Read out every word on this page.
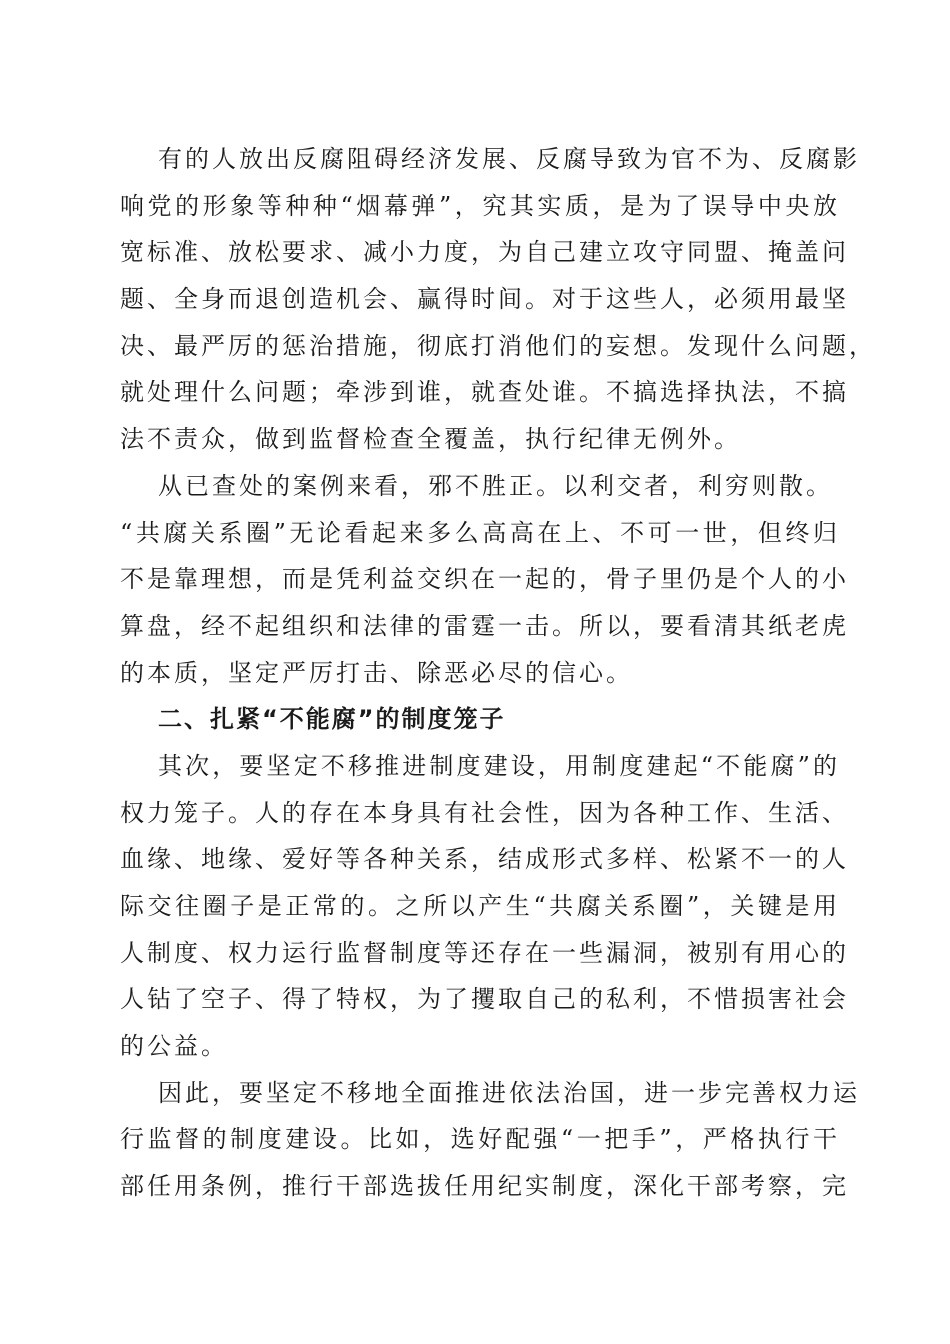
有的人放出反腐阻碍经济发展、反腐导致为官不为、反腐影
响党的形象等种种“烟幕弹”，究其实质，是为了误导中央放
宽标准、放松要求、减小力度，为自己建立攻守同盟、掩盖问
题、全身而退创造机会、赢得时间。对于这些人，必须用最坚
决、最严厉的惩治措施，彻底打消他们的妄想。发现什么问题，
就处理什么问题；牵涉到谁，就查处谁。不搞选择执法，不搞
法不责众，做到监督检查全覆盖，执行纪律无例外。
从已查处的案例来看，邪不胜正。以利交者，利穷则散。
“共腐关系圈”无论看起来多么高高在上、不可一世，但终归
不是靠理想，而是凭利益交织在一起的，骨子里仍是个人的小
算盘，经不起组织和法律的雷霆一击。所以，要看清其纸老虎
的本质，坚定严厉打击、除恶必尽的信心。
二、扎紧“不能腐”的制度笼子
其次，要坚定不移推进制度建设，用制度建起“不能腐”的
权力笼子。人的存在本身具有社会性，因为各种工作、生活、
血缘、地缘、爱好等各种关系，结成形式多样、松紧不一的人
际交往圈子是正常的。之所以产生“共腐关系圈”，关键是用
人制度、权力运行监督制度等还存在一些漏洞，被别有用心的
人钻了空子、得了特权，为了攫取自己的私利，不惜损害社会
的公益。
因此，要坚定不移地全面推进依法治国，进一步完善权力运
行监督的制度建设。比如，选好配强“一把手”，严格执行干
部任用条例，推行干部选拔任用纪实制度，深化干部考察，完
